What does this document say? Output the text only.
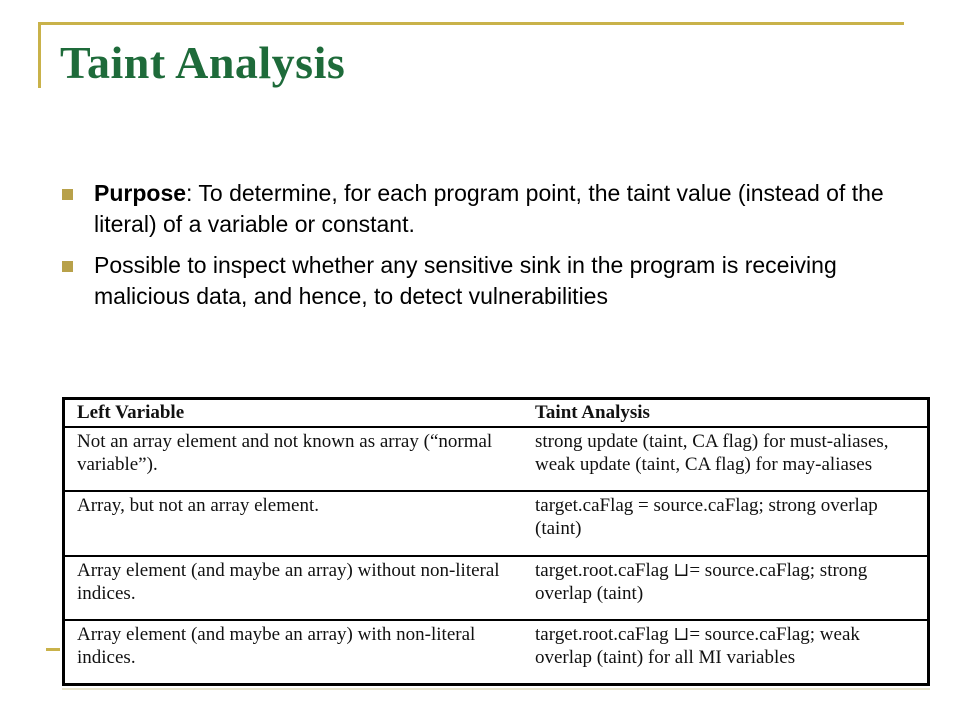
Taint Analysis
Purpose: To determine, for each program point, the taint value (instead of the literal) of a variable or constant.
Possible to inspect whether any sensitive sink in the program is receiving malicious data, and hence, to detect vulnerabilities
Left Variable	Taint Analysis
Not an array element and not known as array (“normal variable”).	strong update (taint, CA flag) for must-aliases, weak update (taint, CA flag) for may-aliases
Array, but not an array element.	target.caFlag = source.caFlag; strong overlap (taint)
Array element (and maybe an array) without non-literal indices.	target.root.caFlag ⊔= source.caFlag; strong overlap (taint)
Array element (and maybe an array) with non-literal indices.	target.root.caFlag ⊔= source.caFlag; weak overlap (taint) for all MI variables
